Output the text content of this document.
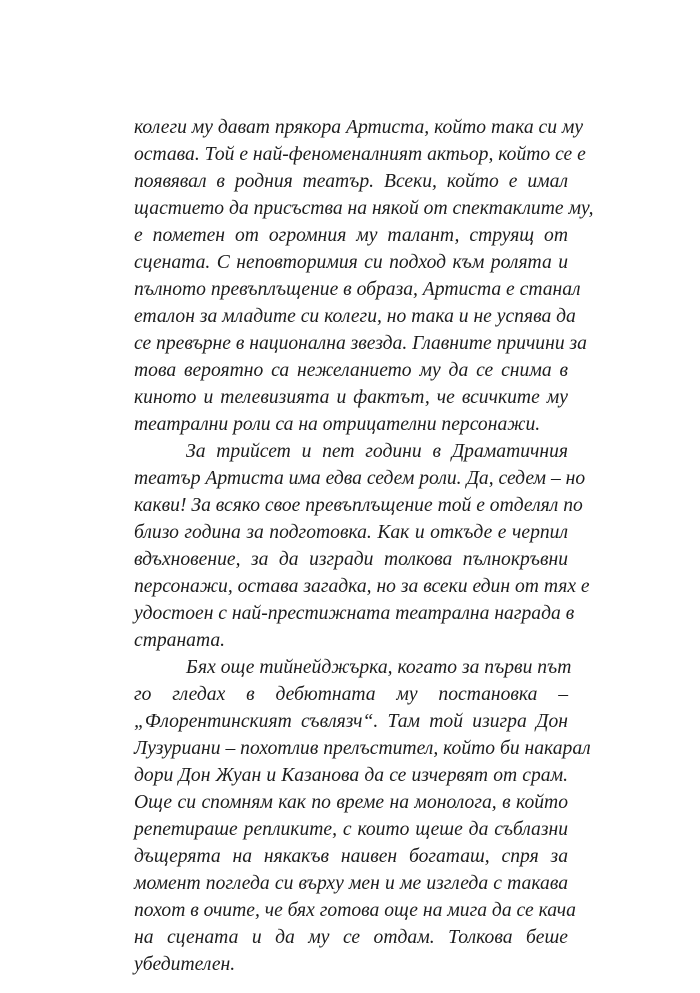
колеги му дават прякора Артиста, който така си му
остава. Той е най-феноменалният актьор, който се е
появявал в родния театър. Всеки, който е имал
щастието да присъства на някой от спектаклите му,
е пометен от огромния му талант, струящ от
сцената. С неповторимия си подход към ролята и
пълното превъплъщение в образа, Артиста е станал
еталон за младите си колеги, но така и не успява да
се превърне в национална звезда. Главните причини за
това вероятно са нежеланието му да се снима в
киното и телевизията и фактът, че всичките му
театрални роли са на отрицателни персонажи.
За трийсет и пет години в Драматичния
театър Артиста има едва седем роли. Да, седем – но
какви! За всяко свое превъплъщение той е отделял по
близо година за подготовка. Как и откъде е черпил
вдъхновение, за да изгради толкова пълнокръвни
персонажи, остава загадка, но за всеки един от тях е
удостоен с най-престижната театрална награда в
страната.
Бях още тийнейджърка, когато за първи път
го гледах в дебютната му постановка –
„Флорентинският съвлязч“. Там той изигра Дон
Лузуриани – похотлив прелъстител, който би накарал
дори Дон Жуан и Казанова да се изчервят от срам.
Още си спомням как по време на монолога, в който
репетираше репликите, с които щеше да съблазни
дъщерята на някакъв наивен богаташ, спря за
момент погледа си върху мен и ме изгледа с такава
похот в очите, че бях готова още на мига да се кача
на сцената и да му се отдам. Толкова беше
убедителен.
